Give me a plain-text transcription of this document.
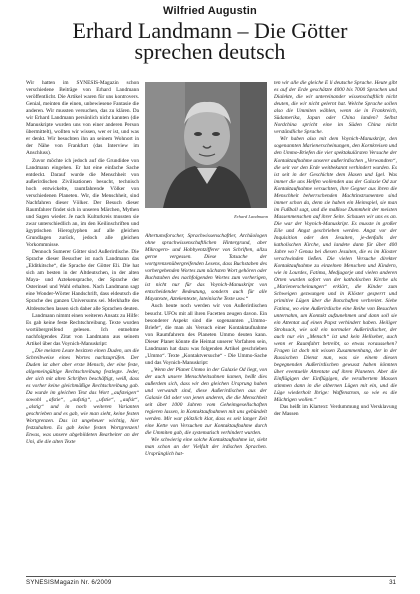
Wilfried Augustin
Erhard Landmann – Die Götter
sprechen deutsch

Wir hatten im SYNESIS-Magazin schon verschiedene Beiträge von Erhard Landmann veröffentlicht. Die Artikel waren für uns kontrovers. Genial, meinten die einen, unbewiesene Fantasie die anderen. Wir mussten versuchen, das zu klären. Da wir Erhard Landmann persönlich nicht kannten (die Manuskripte wurden uns von einer anderen Person übermittelt), wollten wir wissen, wer er ist, und was er denkt. Wir besuchten ihn an seinem Wohnort in der Nähe von Frankfurt (das Interview im Anschluss).

Zuvor möchte ich jedoch auf die Grundidee von Landmann eingehen. Er hat eine einfache Sache entdeckt. Darauf wurde die Menschheit von außerirdischen Zivilisationen besucht, technisch hoch entwickelte, raumfahrende Völker von verschiedenen Planeten. Wir, die Menschheit, sind Nachfahren dieser Völker. Der Besuch dieser Raumfahrer findet sich in unseren Märchen, Mythen und Sagen wieder. Je nach Kulturkreis mussten sie zwar unterschiedlich an, im den Keilinschriften und ägyptischen Hieroglyphen auf alle gleichen Grundlagen zurück, jedoch alle gleichen Vorkommnisse.

Dennoch Sumerer Götter sind Außerirdische. Die Sprache dieser Besucher ist nach Landmann das „Elditkitsche“, die Sprache der Götter Eli. Die hat sich am besten in der Altdeutschen, in der alten Maya- und Aztekensprache, der Sprache der Osterinsel und Wahl erhalten. Nach Landmann sagt eine Wonder-Wörter Handschrift, dass eldeutsch die Sprache des ganzen Universums sei. Merkhafte des Altdeutschen lassen sich daher alle Sprachen deuten.

Landmann nimmt einen weiteren Ansatz zu Hilfe: Es gab keine feste Rechtschreibung. Texte wurden wortübergreifend gelesen. Ich entnehme nachfolgendes Zitat von Landmann aus seinem Artikel über das Voynich-Manuskript:

„Die meisten Leute besitzen einen Duden, um die Schreibweise eines Wortes nachzuprüfen. Der Duden ist aber aber erste Mensch, der eine feste, allgemeingültige Rechtschreibung festlegte. Jeder, der sich mit alten Schriften beschäftigt, weiß, dass es vorher keine gleichmäßige Rechtschreibung gab. Da wurde im gleichen Text das Wort „aufsteigen“ sowohl „afstie“, „aufstig“, „ufstie“, „aufsit“, „alstig“ und in noch weiteren Varianten geschrieben und es gab, wie man sieht, keine festen Wortgrenzen. Das ist ungeheuer wichtig, hier festzuhalten. Es gab keine festen Wortgrenzen! Etwas, was unsere abgebildeten Bearbeiter an der Uni, die die alten Texte

Erhard Landmann

Altertumsforscher, Sprachwissenschaftler, Archäologen ohne sprachwissenschaftlichen Hintergrund, aber Mikrogern- und Hobbyentzifferer von Schriften, allzu gerne vergessen. Diese Tatsache der wortgrenzenübergreifenden Lesens, dass Buchstaben des vorhergehenden Wortes zum nächsten Wort gehören oder Buchstaben des nachfolgenden Wortes zum vorherigen, ist nicht nur für das Voynich-Manuskript von entscheidender Bedeutung, sondern auch für alle Mayatexte, Aztekentexte, lateinische Texte usw.“

Auch heute noch werden wir von Außerirdischen besucht. UFOs mit all ihren Facetten zeugen davon. Ein besonderer Aspekt sind die sogenannten „Ummo-Briefe“, die man als Versuch einer Kontaktaufnahme von Raumfahrern des Planeten Ummo deuten kann. Dieser Planet könnte die Heimat unserer Vorfahren sein, Landmann hat dazu was folgenden Artikel geschrieben „Ummo“. Texte „Kontaktversuche“ - Die Ummo-Sache und das Voynich-Manuskript:

„Wenn der Planet Ummo in der Galaxie Od liegt, von der auch unsere Menschheitsahnen kamen, heißt dies außerdem sich, dass wir den gleichen Ursprung haben und verwandt sind, diese Außerirdischen aus der Galaxie Od oder von jenen anderen, die die Menschheit seit über 1000 Jahren vom Geheimgesellschaften regieren lassen, in Kontaktaufnahmen mit uns gebündelt werden. Mir war plötzlich klar, dass es seit langer Zeit eine Kette von Versuchen zur Kontaktaufnahme durch die Ummiten gab, die systematisch verhindert wurden.

Wie schwierig eine solche Kontaktaufnahme ist, sieht man schon an der Vielfalt der irdischen Sprachen. Ursprünglich hat-

ten wir alle die gleiche E li deutsche Sprache. Heute gibt es auf der Erde geschätzte 4000 bis 7000 Sprachen und Dialekte, die wir untereinander wissenschaftlich nicht deuten, die wir nicht gelernt hat. Welche Sprache sollen also die Ummiten wählen, wenn sie in Frankreich, Südamerika, Japan oder China landen? Selbst Nordchina spricht eine im Süden China nicht verständliche Sprache.

Wir haben also mit dem Voynich-Manuskript, den sogenannten Marienerscheinungen, den Kornkreisen und den Ummo-Briefen die vier spektakulärsten Versuche der Kontaktaufnahme unserer außerirdischen „Verwandten“, die seit vor den Erde weitbekannt verhindert wurden. Es ist seit in der Geschichte dem Hasen und Igel. Was immer die uns Helfen wollenden aus der Galaxie Od zur Kontaktaufnahme versuchten, ihre Gegner aus ihren die Menschheit beherrschenden Machtinstrumenten sind immer schon da, denn sie haben ein Heimspiel, sie man im Fußball sagt, und die maßlose Dummheit der meisten Massenmenschen auf ihrer Seite. Schauen wir uns es an. Die war der Voynich-Manuskript. Es musste in großer Eile und Angst geschrieben werden. Angst vor der Inquisition oder den Jesuiten, je-denfalls der katholischen Kirche, und landete dann für über 400 Jahre wo? Genau bei diesen Jesuiten, die es im Kloster verschwinden ließen. Die vielen Versuche direkter Kontaktaufnahme zu einzelnen Menschen und Kindern, wie in Lourdes, Fatima, Medjugorje und vielen anderen Orten wurden sofort von der katholischen Kirche als „Marienerscheinungen“ erklärt, die Kinder zum Schweigen gezwungen und in Klöster gesperrt und primitive Lügen über die Botschaften verbreitet. Siehe Fatima, wo eine Außerirdische eine Reihe von Besuchen unternahm, um Kontakt aufzunehmen und dann soll sie ein Attentat auf einen Papst verhindert haben. Heiliger Strohsack, wie soll ein normaler Außerirdischer, der auch nur ein „Mensch“ ist und kein Hellseher, auch wenn er Raumfahrt betreibt, so etwas voraussehen? Fragen ist doch mit wissen Zusammenhang, der in der Russischen Dienst nun, was sie einem diesen begegnenden Außerirdischen gewusst haben könnten über eventuelle Attentate auf ihren Planeten. Aber die Einflügigen der Einflügigen, die veralbertem Massen stimmen dann in die albernen Lügen mit ein, und die Lüge wiederholt Ihrige: Waffenstrom, so wie es die Mächtigen wollen.“

Das heißt im Klartext: Verdummung und Versklavung der Massen

SYNESISMagazin Nr. 6/2009	31
